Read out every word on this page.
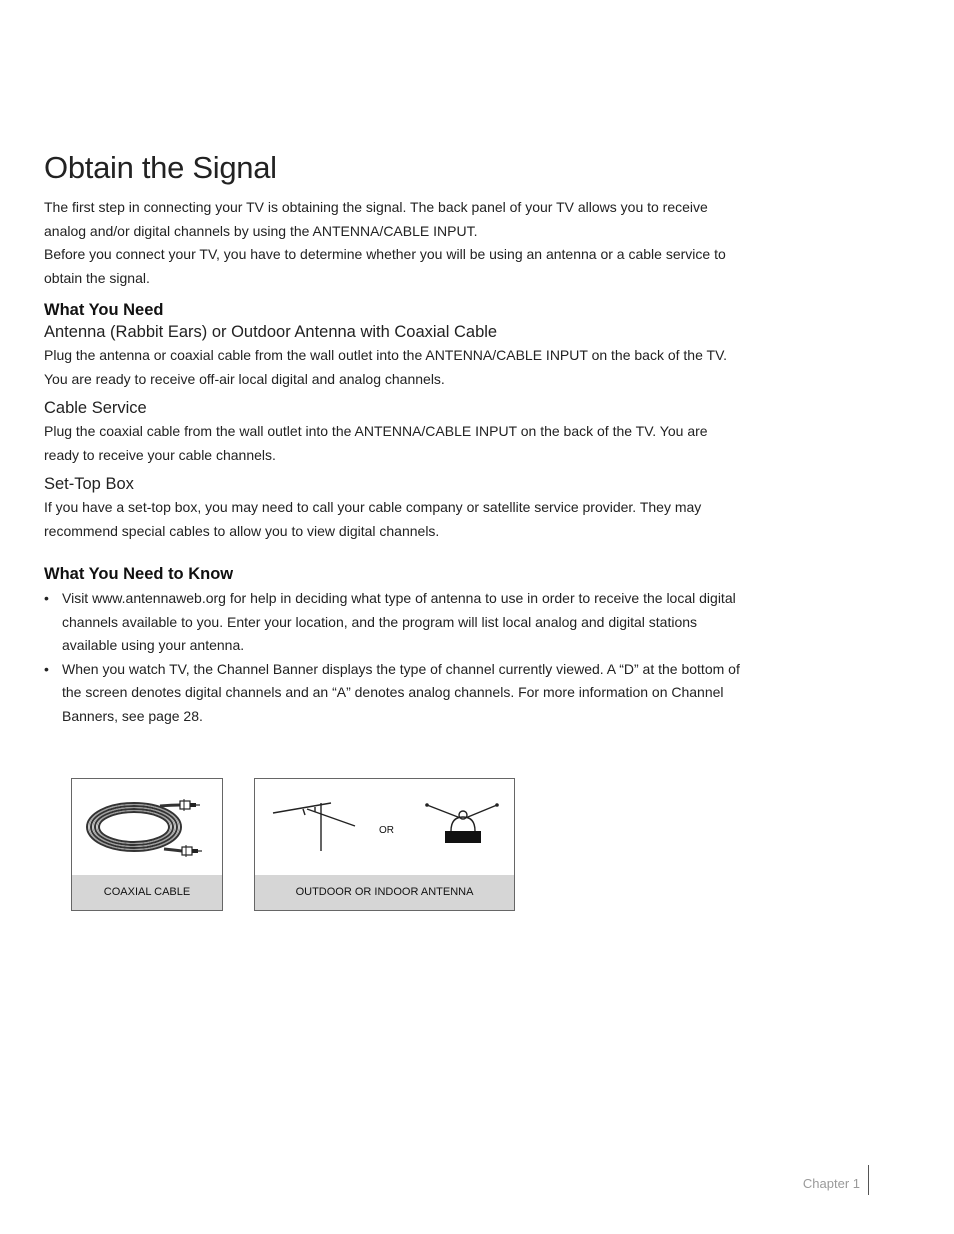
Obtain the Signal

The first step in connecting your TV is obtaining the signal. The back panel of your TV allows you to receive analog and/or digital channels by using the ANTENNA/CABLE INPUT.

Before you connect your TV, you have to determine whether you will be using an antenna or a cable service to obtain the signal.

What You Need
Antenna (Rabbit Ears) or Outdoor Antenna with Coaxial Cable

Plug the antenna or coaxial cable from the wall outlet into the ANTENNA/CABLE INPUT on the back of the TV. You are ready to receive off-air local digital and analog channels.

Cable Service

Plug the coaxial cable from the wall outlet into the ANTENNA/CABLE INPUT on the back of the TV. You are ready to receive your cable channels.

Set-Top Box

If you have a set-top box, you may need to call your cable company or satellite service provider. They may recommend special cables to allow you to view digital channels.

What You Need to Know
• Visit www.antennaweb.org for help in deciding what type of antenna to use in order to receive the local digital channels available to you. Enter your location, and the program will list local analog and digital stations available using your antenna.
• When you watch TV, the Channel Banner displays the type of channel currently viewed. A “D” at the bottom of the screen denotes digital channels and an “A” denotes analog channels. For more information on Channel Banners, see page 28.
COAXIAL CABLE
OR
OUTDOOR OR INDOOR ANTENNA
Chapter 1
